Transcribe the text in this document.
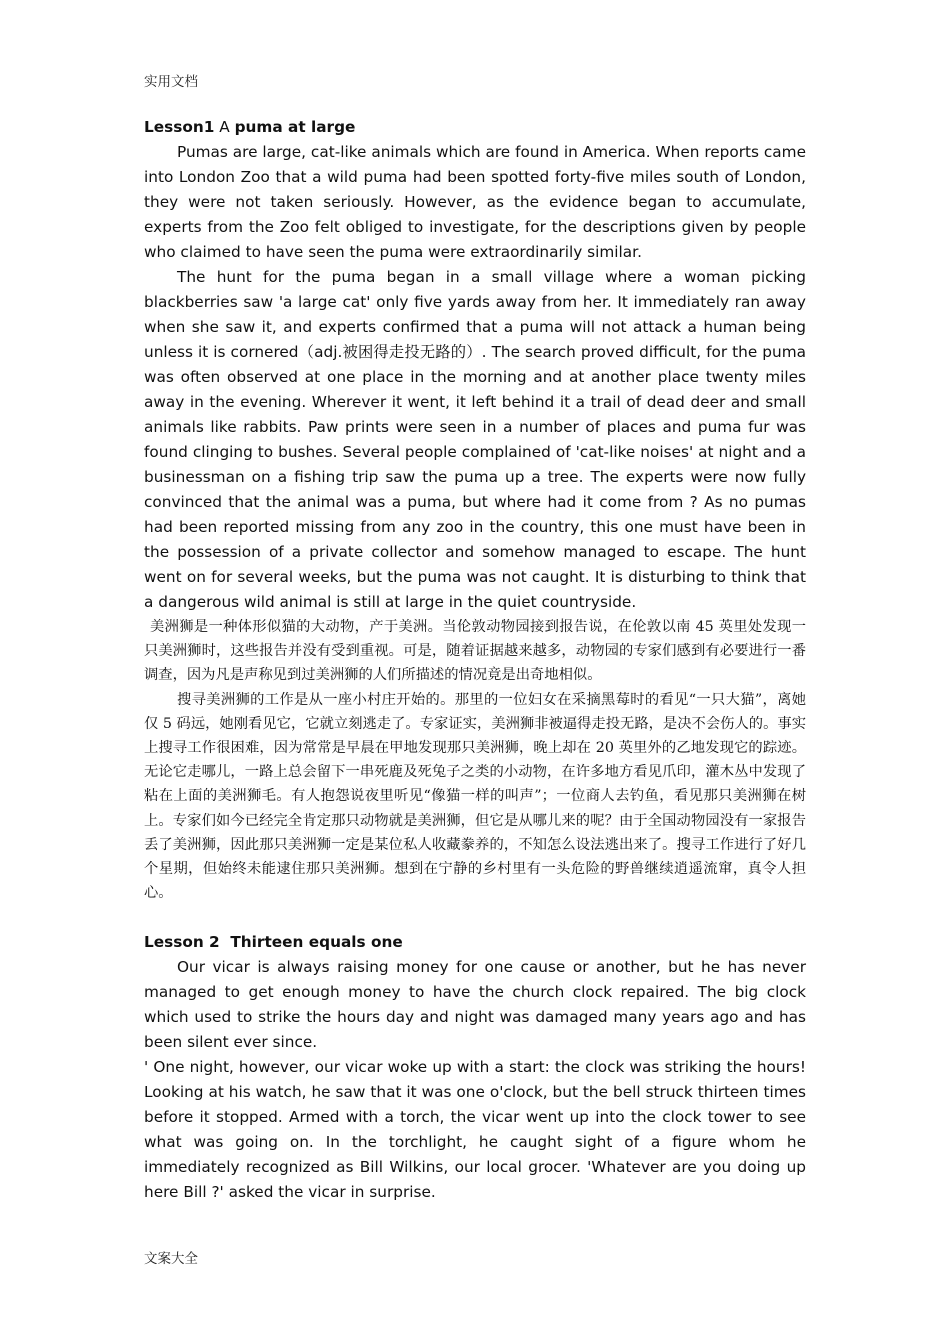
实用文档

Lesson1 A puma at large

Pumas are large, cat-like animals which are found in America. When reports came into London Zoo that a wild puma had been spotted forty-five miles south of London, they were not taken seriously. However, as the evidence began to accumulate, experts from the Zoo felt obliged to investigate, for the descriptions given by people who claimed to have seen the puma were extraordinarily similar.

The hunt for the puma began in a small village where a woman picking blackberries saw 'a large cat' only five yards away from her. It immediately ran away when she saw it, and experts confirmed that a puma will not attack a human being unless it is cornered（adj.被困得走投无路的）. The search proved difficult, for the puma was often observed at one place in the morning and at another place twenty miles away in the evening. Wherever it went, it left behind it a trail of dead deer and small animals like rabbits. Paw prints were seen in a number of places and puma fur was found clinging to bushes. Several people complained of 'cat-like noises' at night and a businessman on a fishing trip saw the puma up a tree. The experts were now fully convinced that the animal was a puma, but where had it come from ? As no pumas had been reported missing from any zoo in the country, this one must have been in the possession of a private collector and somehow managed to escape. The hunt went on for several weeks, but the puma was not caught. It is disturbing to think that a dangerous wild animal is still at large in the quiet countryside.

美洲狮是一种体形似猫的大动物，产于美洲。当伦敦动物园接到报告说，在伦敦以南 45 英里处发现一只美洲狮时，这些报告并没有受到重视。可是，随着证据越来越多，动物园的专家们感到有必要进行一番调查，因为凡是声称见到过美洲狮的人们所描述的情况竟是出奇地相似。

搜寻美洲狮的工作是从一座小村庄开始的。那里的一位妇女在采摘黑莓时的看见“一只大猫”，离她仅 5 码远，她刚看见它，它就立刻逃走了。专家证实，美洲狮非被逼得走投无路，是决不会伤人的。事实上搜寻工作很困难，因为常常是早晨在甲地发现那只美洲狮，晚上却在 20 英里外的乙地发现它的踪迹。无论它走哪儿，一路上总会留下一串死鹿及死兔子之类的小动物，在许多地方看见爪印，灌木丛中发现了粘在上面的美洲狮毛。有人抱怨说夜里听见“像猫一样的叫声”；一位商人去钓鱼，看见那只美洲狮在树上。专家们如今已经完全肯定那只动物就是美洲狮，但它是从哪儿来的呢？由于全国动物园没有一家报告丢了美洲狮，因此那只美洲狮一定是某位私人收藏豢养的，不知怎么设法逃出来了。搜寻工作进行了好几个星期，但始终未能逮住那只美洲狮。想到在宁静的乡村里有一头危险的野兽继续逍遥流窜，真令人担心。

Lesson 2  Thirteen equals one

Our vicar is always raising money for one cause or another, but he has never managed to get enough money to have the church clock repaired. The big clock which used to strike the hours day and night was damaged many years ago and has been silent ever since.

' One night, however, our vicar woke up with a start: the clock was striking the hours! Looking at his watch, he saw that it was one o'clock, but the bell struck thirteen times before it stopped. Armed with a torch, the vicar went up into the clock tower to see what was going on. In the torchlight, he caught sight of a figure whom he immediately recognized as Bill Wilkins, our local grocer. 'Whatever are you doing up here Bill ?' asked the vicar in surprise.

文案大全
